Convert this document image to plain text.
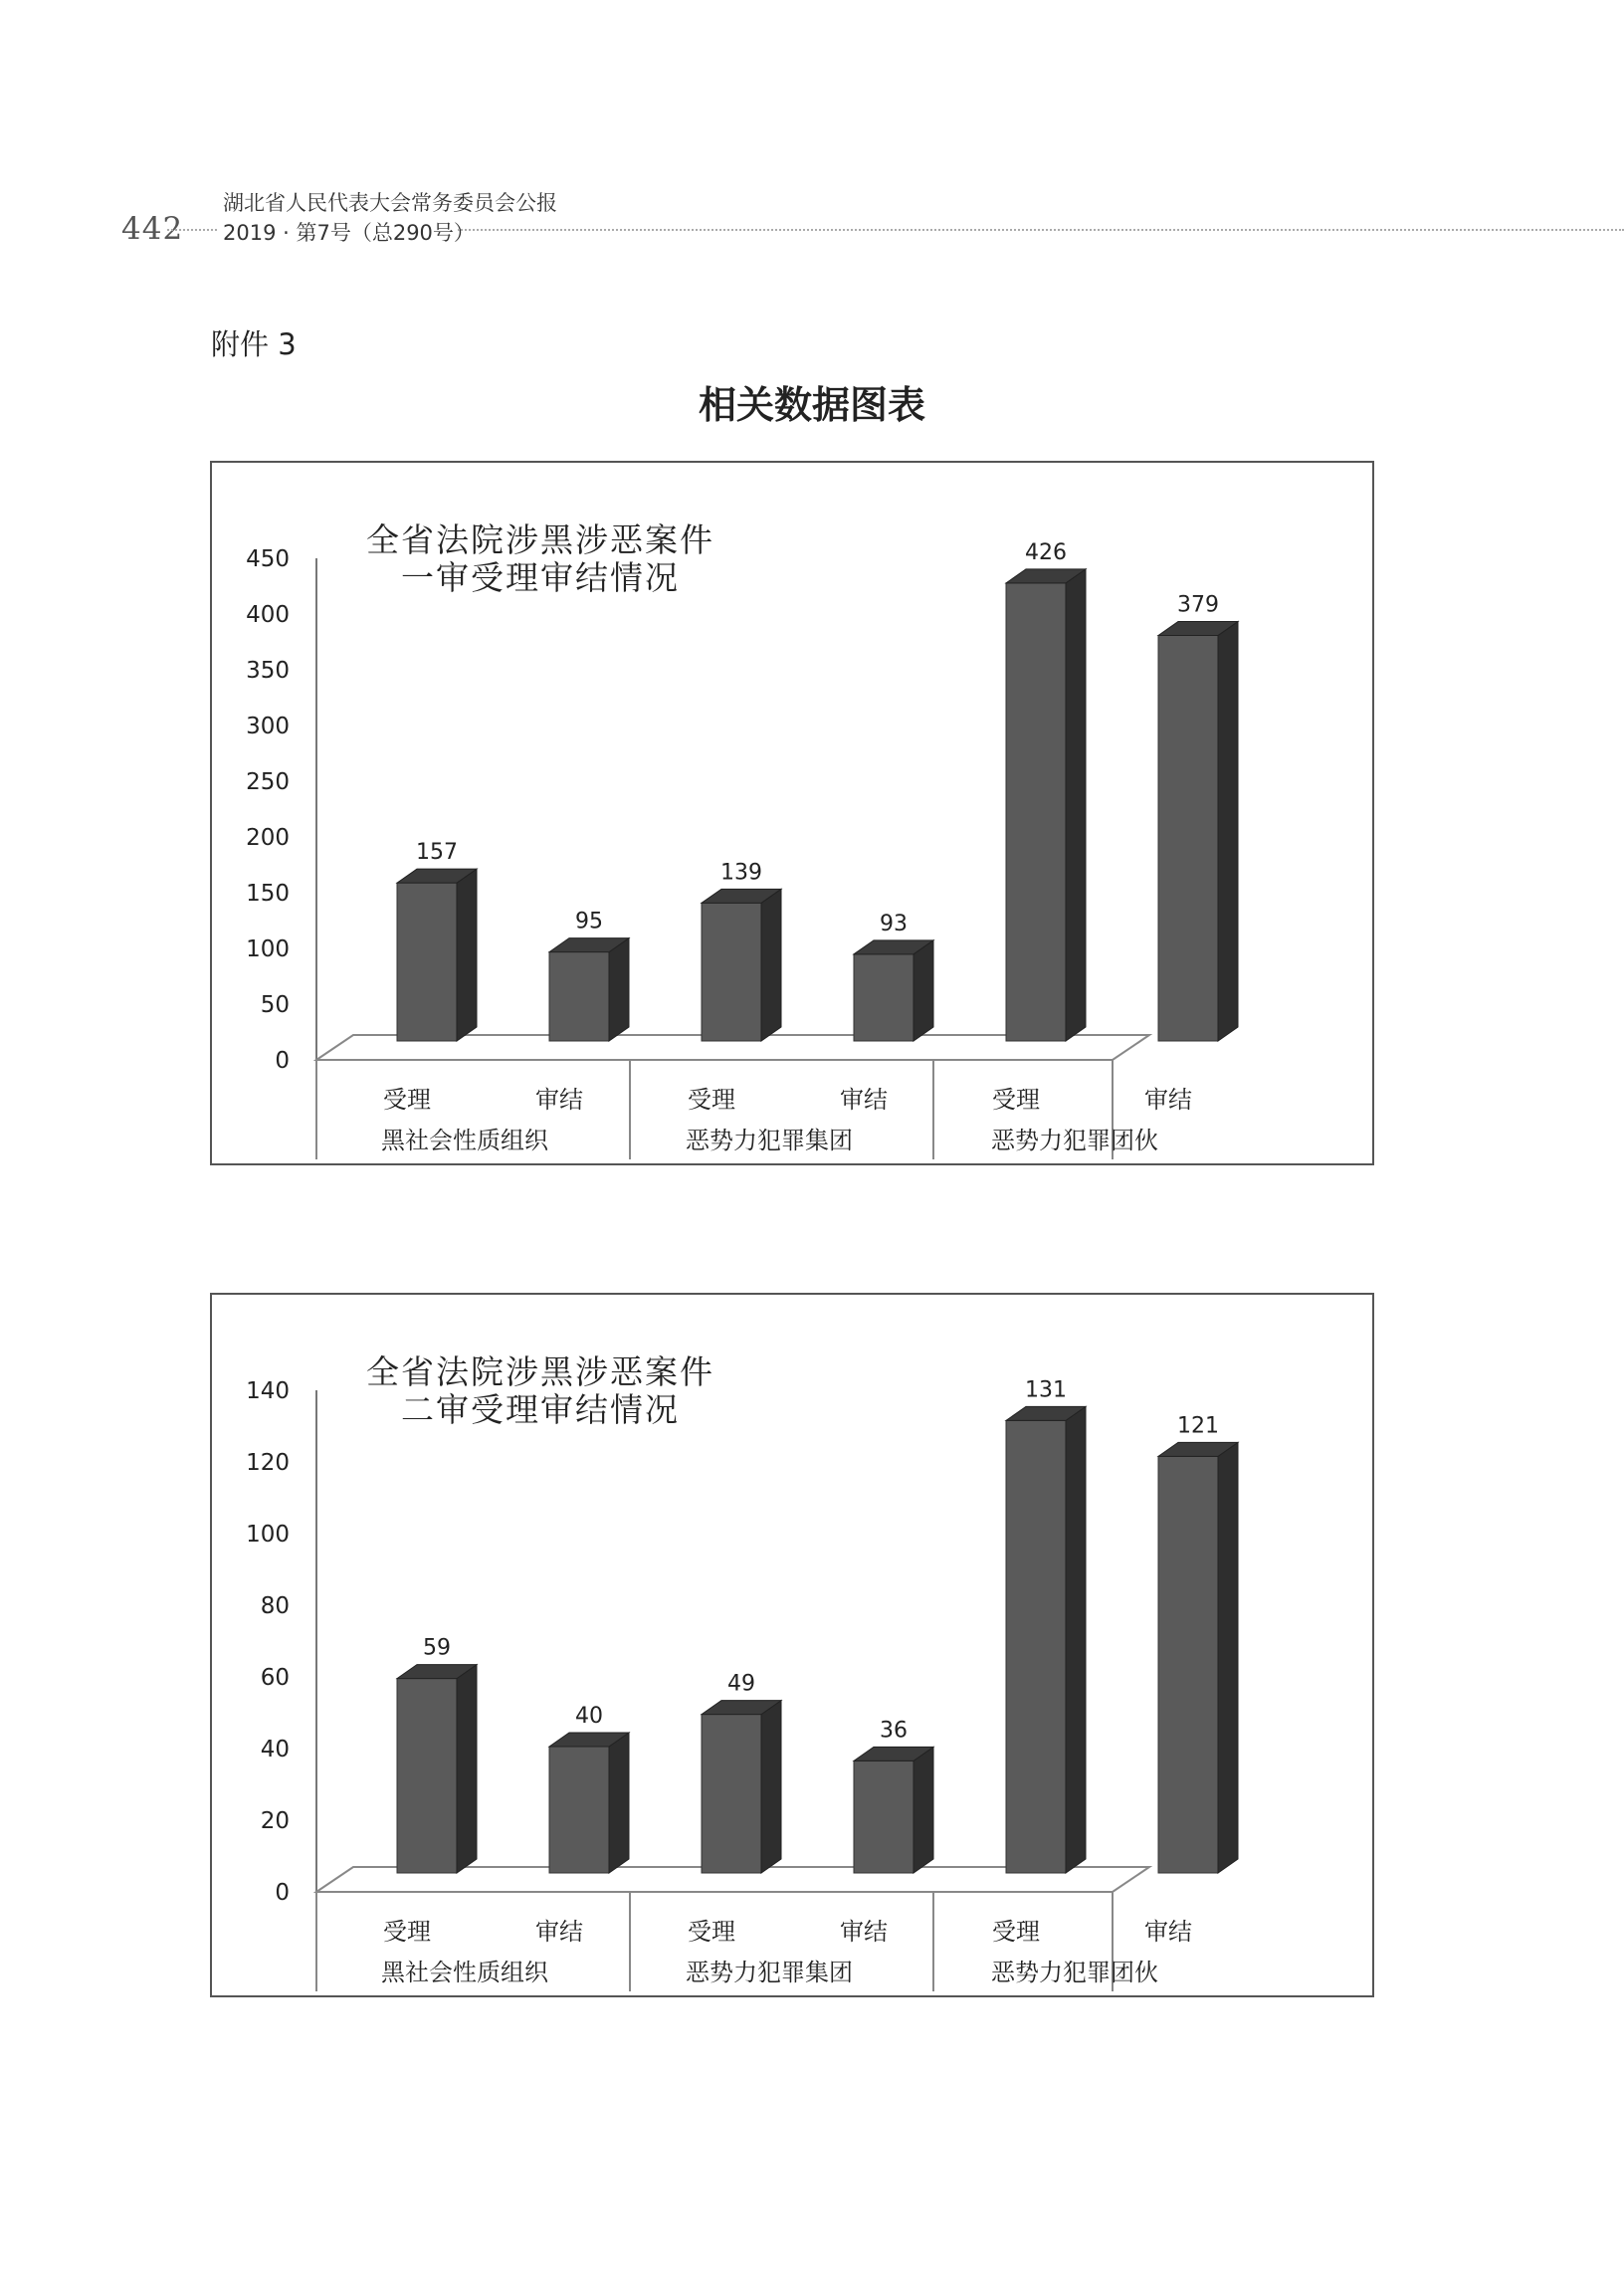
442
湖北省人民代表大会常务委员会公报
2019 · 第7号（总290号）
附件 3
相关数据图表
全省法院涉黑涉恶案件
一审受理审结情况
0
50
100
150
200
250
300
350
400
450
157
受理
95
审结
139
受理
93
审结
426
受理
379
审结
黑社会性质组织	恶势力犯罪集团	恶势力犯罪团伙
全省法院涉黑涉恶案件
二审受理审结情况
0
20
40
60
80
100
120
140
59
受理
40
审结
49
受理
36
审结
131
受理
121
审结
黑社会性质组织	恶势力犯罪集团	恶势力犯罪团伙
